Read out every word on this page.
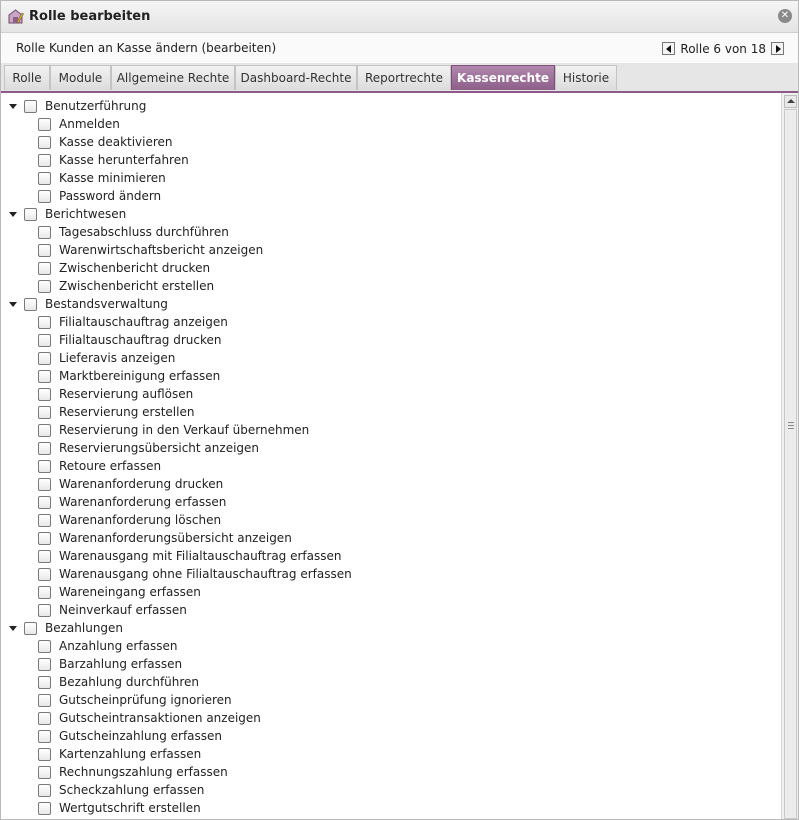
Rolle bearbeiten	✕
Rolle Kunden an Kasse ändern (bearbeiten)	Rolle 6 von 18
Rolle	Module	Allgemeine Rechte Dashboard-Rechte	Reportrechte	Kassenrechte	Historie
Benutzerführung
Anmelden
Kasse deaktivieren
Kasse herunterfahren
Kasse minimieren
Password ändern
Berichtwesen
Tagesabschluss durchführen
Warenwirtschaftsbericht anzeigen
Zwischenbericht drucken
Zwischenbericht erstellen
Bestandsverwaltung
Filialtauschauftrag anzeigen
Filialtauschauftrag drucken
Lieferavis anzeigen
Marktbereinigung erfassen
Reservierung auflösen
Reservierung erstellen
Reservierung in den Verkauf übernehmen
Reservierungsübersicht anzeigen
Retoure erfassen
Warenanforderung drucken
Warenanforderung erfassen
Warenanforderung löschen
Warenanforderungsübersicht anzeigen
Warenausgang mit Filialtauschauftrag erfassen
Warenausgang ohne Filialtauschauftrag erfassen
Wareneingang erfassen
Neinverkauf erfassen
Bezahlungen
Anzahlung erfassen
Barzahlung erfassen
Bezahlung durchführen
Gutscheinprüfung ignorieren
Gutscheintransaktionen anzeigen
Gutscheinzahlung erfassen
Kartenzahlung erfassen
Rechnungszahlung erfassen
Scheckzahlung erfassen
Wertgutschrift erstellen
